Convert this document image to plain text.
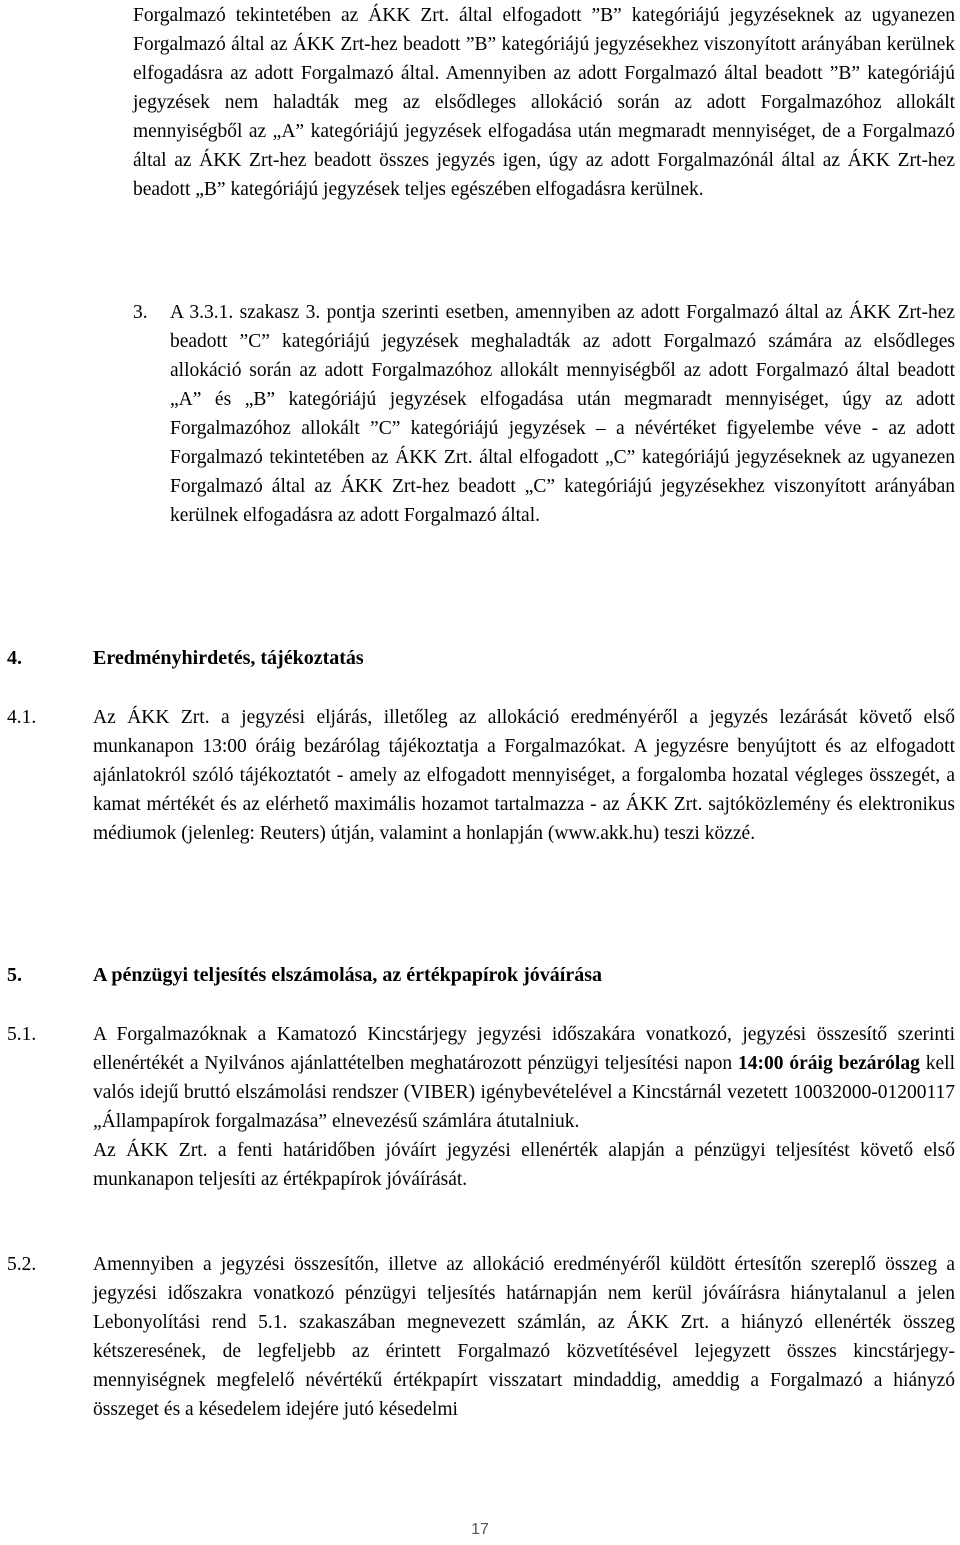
Forgalmazó tekintetében az ÁKK Zrt. által elfogadott ”B” kategóriájú jegyzéseknek az ugyanezen Forgalmazó által az ÁKK Zrt-hez beadott ”B” kategóriájú jegyzésekhez viszonyított arányában kerülnek elfogadásra az adott Forgalmazó által. Amennyiben az adott Forgalmazó által beadott ”B” kategóriájú jegyzések nem haladták meg az elsődleges allokáció során az adott Forgalmazóhoz allokált mennyiségből az „A” kategóriájú jegyzések elfogadása után megmaradt mennyiséget, de a Forgalmazó által az ÁKK Zrt-hez beadott összes jegyzés igen, úgy az adott Forgalmazónál által az ÁKK Zrt-hez beadott „B” kategóriájú jegyzések teljes egészében elfogadásra kerülnek.
3.	A 3.3.1. szakasz 3. pontja szerinti esetben, amennyiben az adott Forgalmazó által az ÁKK Zrt-hez beadott ”C” kategóriájú jegyzések meghaladták az adott Forgalmazó számára az elsődleges allokáció során az adott Forgalmazóhoz allokált mennyiségből az adott Forgalmazó által beadott „A” és „B” kategóriájú jegyzések elfogadása után megmaradt mennyiséget, úgy az adott Forgalmazóhoz allokált ”C” kategóriájú jegyzések – a névértéket figyelembe véve - az adott Forgalmazó tekintetében az ÁKK Zrt. által elfogadott „C” kategóriájú jegyzéseknek az ugyanezen Forgalmazó által az ÁKK Zrt-hez beadott „C” kategóriájú jegyzésekhez viszonyított arányában kerülnek elfogadásra az adott Forgalmazó által.
4.	Eredményhirdetés, tájékoztatás
4.1.	Az ÁKK Zrt. a jegyzési eljárás, illetőleg az allokáció eredményéről a jegyzés lezárását követő első munkanapon 13:00 óráig bezárólag tájékoztatja a Forgalmazókat. A jegyzésre benyújtott és az elfogadott ajánlatokról szóló tájékoztatót - amely az elfogadott mennyiséget, a forgalomba hozatal végleges összegét, a kamat mértékét és az elérhető maximális hozamot tartalmazza - az ÁKK Zrt. sajtóközlemény és elektronikus médiumok (jelenleg: Reuters) útján, valamint a honlapján (www.akk.hu) teszi közzé.
5.	A pénzügyi teljesítés elszámolása, az értékpapírok jóváírása
5.1.	A Forgalmazóknak a Kamatozó Kincstárjegy jegyzési időszakára vonatkozó, jegyzési összesítő szerinti ellenértékét a Nyilvános ajánlattételben meghatározott pénzügyi teljesítési napon 14:00 óráig bezárólag kell valós idejű bruttó elszámolási rendszer (VIBER) igénybevételével a Kincstárnál vezetett 10032000-01200117 „Állampapírok forgalmazása” elnevezésű számlára átutalniuk.
Az ÁKK Zrt. a fenti határidőben jóváírt jegyzési ellenérték alapján a pénzügyi teljesítést követő első munkanapon teljesíti az értékpapírok jóváírását.
5.2.	Amennyiben a jegyzési összesítőn, illetve az allokáció eredményéről küldött értesítőn szereplő összeg a jegyzési időszakra vonatkozó pénzügyi teljesítés határnapján nem kerül jóváírásra hiánytalanul a jelen Lebonyolítási rend 5.1. szakaszában megnevezett számlán, az ÁKK Zrt. a hiányzó ellenérték összeg kétszeresének, de legfeljebb az érintett Forgalmazó közvetítésével lejegyzett összes kincstárjegy-mennyiségnek megfelelő névértékű értékpapírt visszatart mindaddig, ameddig a Forgalmazó a hiányzó összeget és a késedelem idejére jutó késedelmi
17
